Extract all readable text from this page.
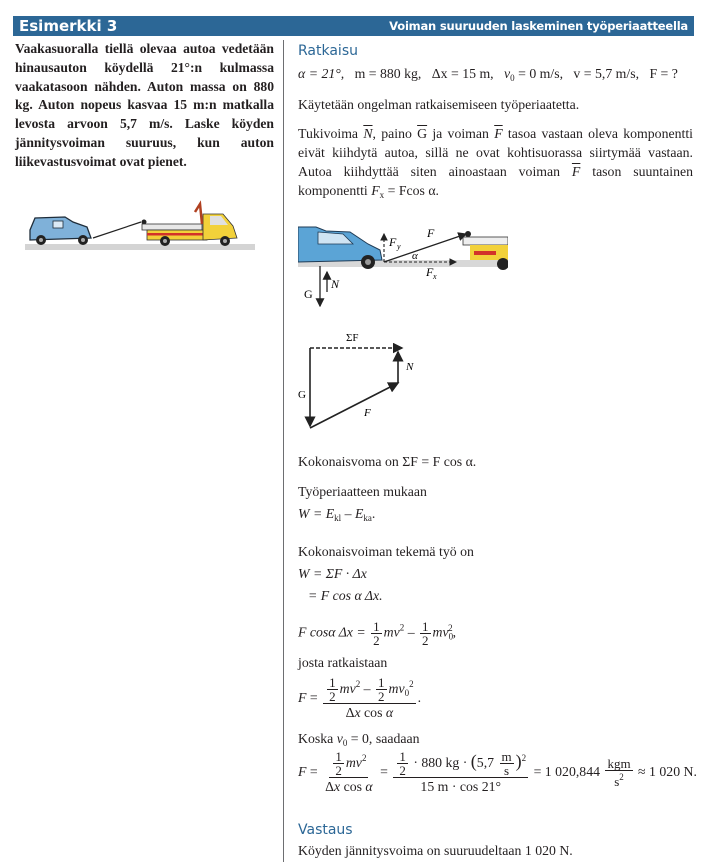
Esimerkki 3	Voiman suuruuden laskeminen työperiaatteella
Vaakasuoralla tiellä olevaa autoa vedetään hinausauton köydellä 21°:n kulmassa vaakatasoon nähden. Auton massa on 880 kg. Auton nopeus kasvaa 15 m:n matkalla levosta arvoon 5,7 m/s. Laske köyden jännitysvoiman suuruus, kun auton liikevastusvoimat ovat pienet.
Ratkaisu
α = 21°, m = 880 kg, Δx = 15 m, $v_0 = 0$ m/s, v = 5,7 m/s, F = ?
Käytetään ongelman ratkaisemiseen työperiaatetta.
Tukivoima $\overline{N}$, paino $\overline{G}$ ja voiman $\overline{F}$ tasoa vastaan oleva komponentti eivät kiihdytä autoa, sillä ne ovat kohtisuorassa siirtymää vastaan. Autoa kiihdyttää siten ainoastaan voiman $\overline{F}$ tason suuntainen komponentti $F_x = Fcos$ α.
F y
F
α
F x
G
N
ΣF
G
F
N
Kokonaisvoma on ΣF = F cos α.
Työperiaatteen mukaan
$W = E_{kl} - E_{ka}$.
Kokonaisvoiman tekemä työ on
W = ΣF · Δx
= F cos α Δx.
F cosα $\Delta x = \frac{1}{2} mv^2 - \frac{1}{2} mv_0^2$,
josta ratkaistaan
$F = \frac{\frac{1}{2} mv^2 - \frac{1}{2} mv_0^2}{\text{Δx cos α}}$ .
Koska $v_0 = 0$, saadaan
$F = \frac{\frac{1}{2} mv^2}{\text{Δx cos α}} = \frac{\frac{1}{2} \cdot 880 kg \cdot (5,7 \frac{m}{s} )^2}{15 m \cdot \cos 21^\circ} = 1$ $020,844 \frac{\text{kgm}}{s^2} \approx 1$ 020 N.
Vastaus
Köyden jännitysvoima on suuruudeltaan 1 020 N.
